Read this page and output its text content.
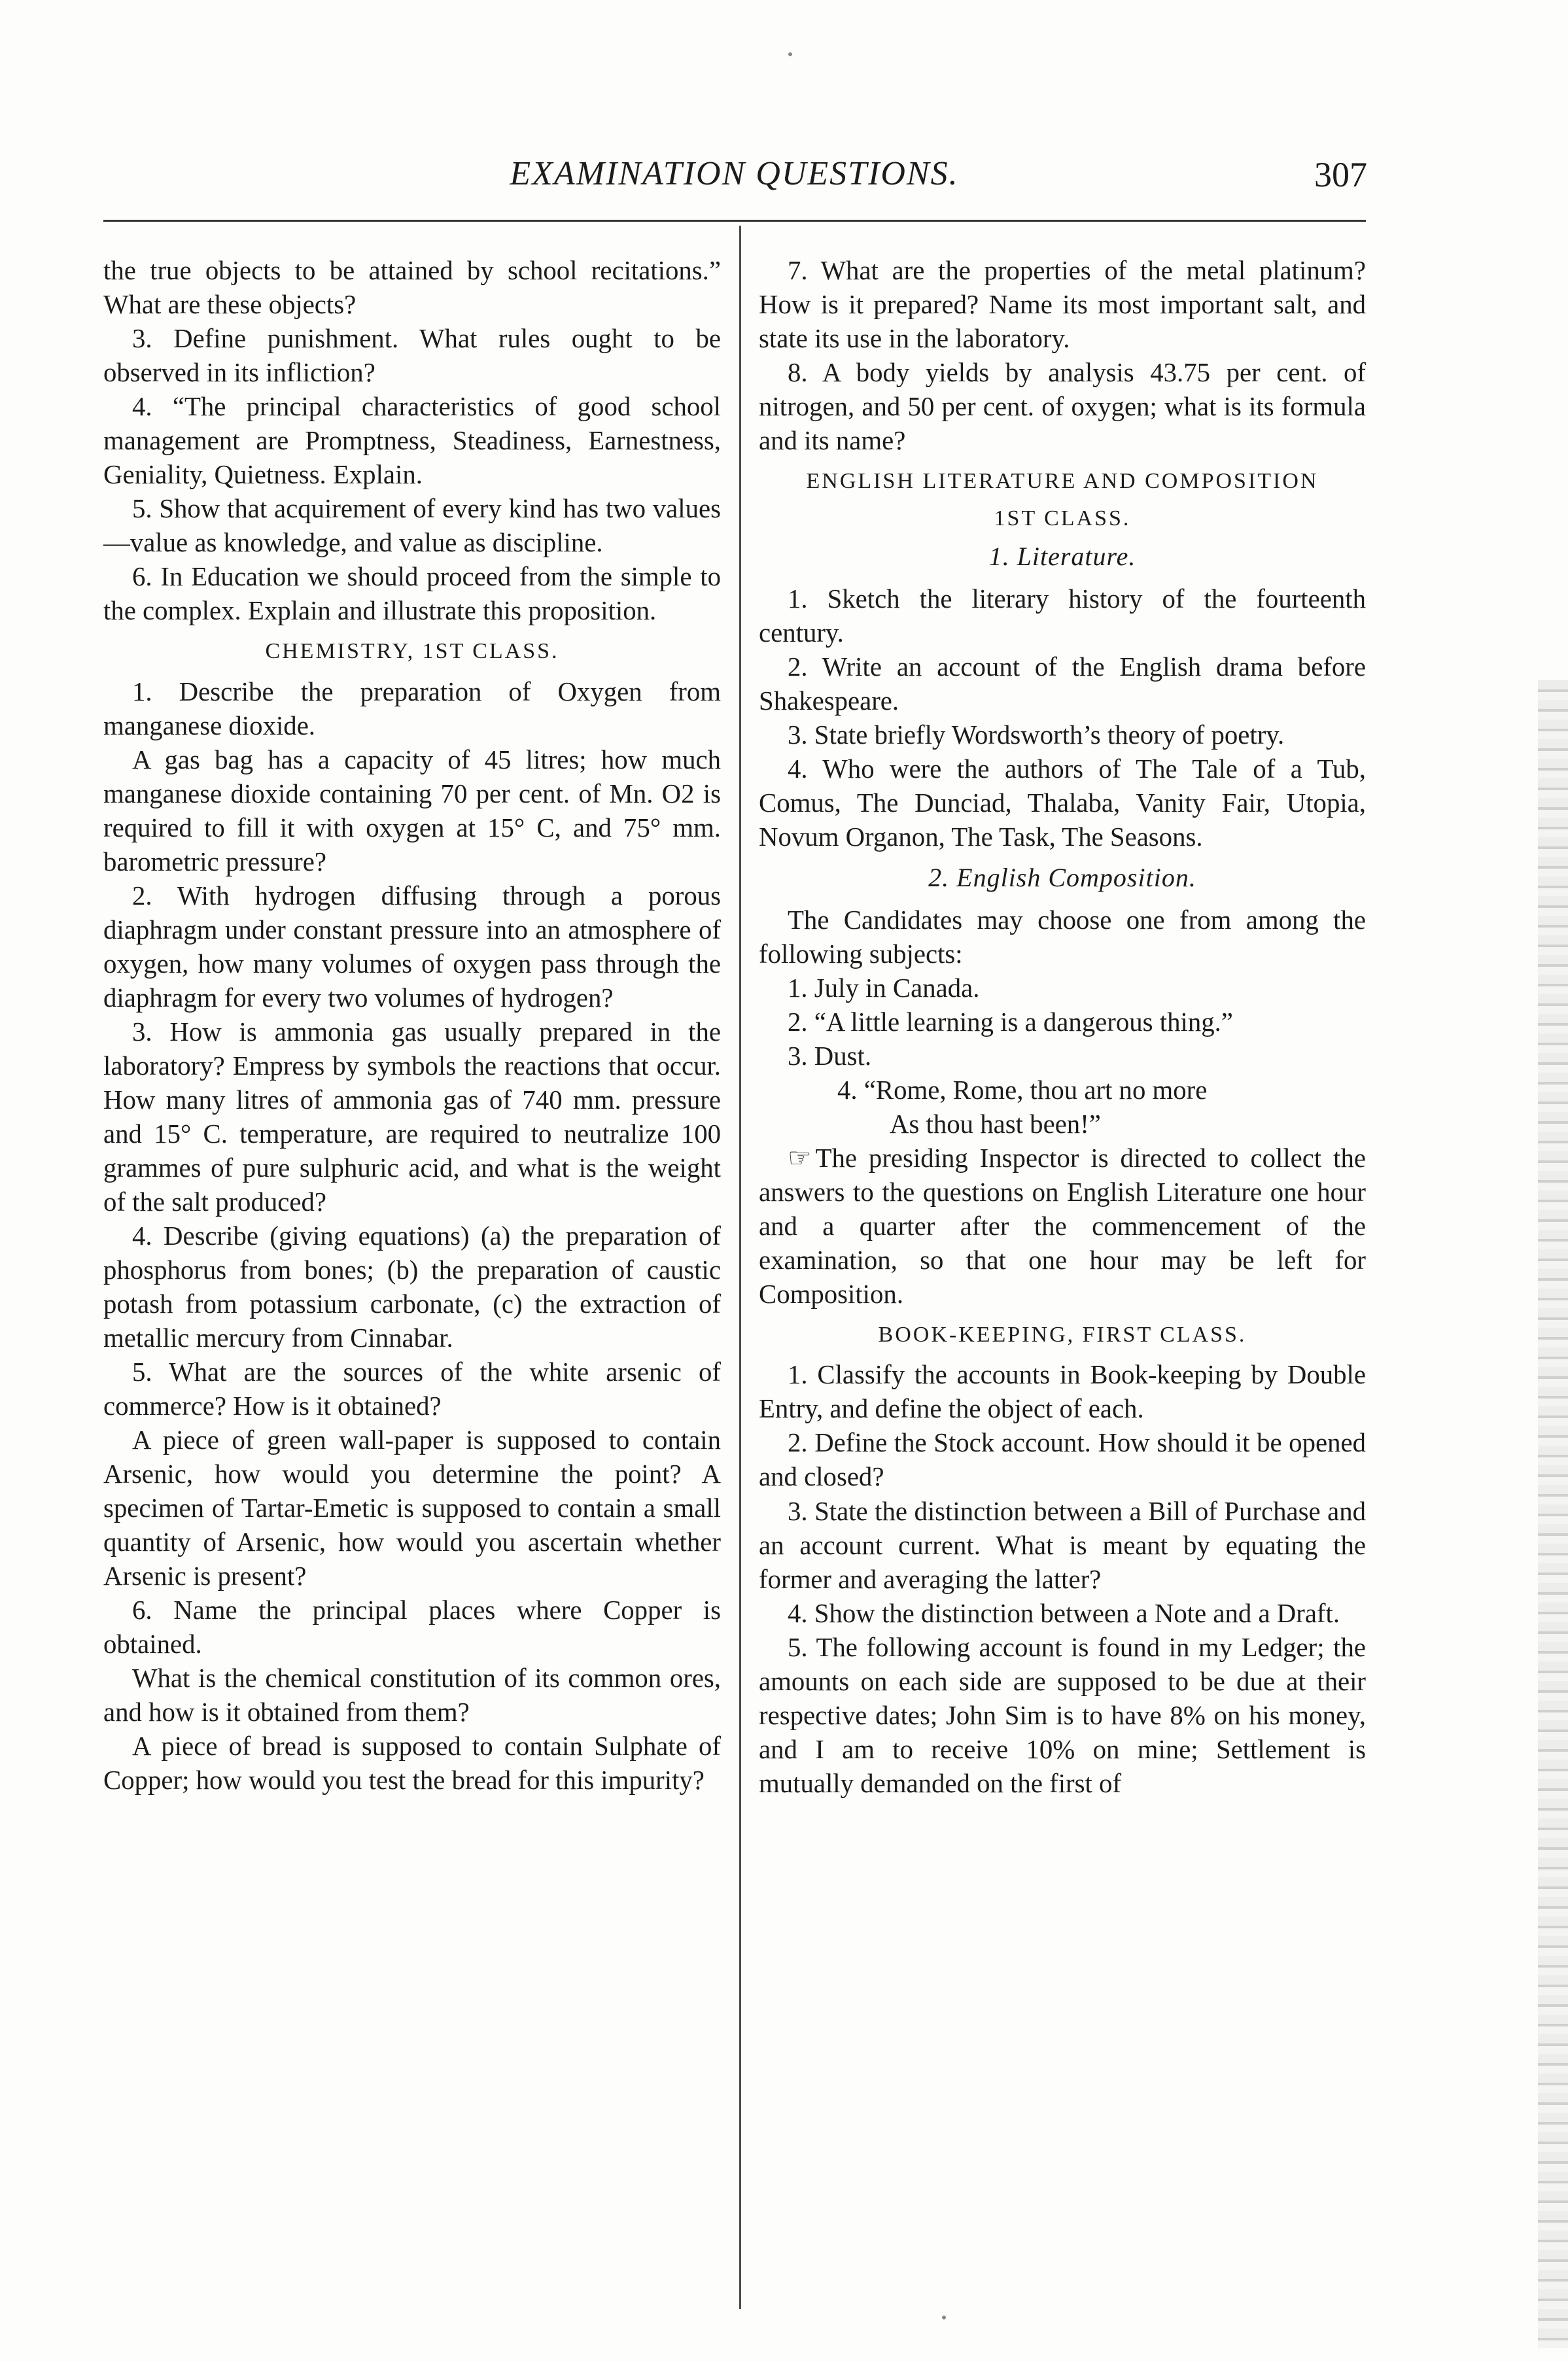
EXAMINATION QUESTIONS.	307

the true objects to be attained by school recitations.” What are these objects?

3. Define punishment. What rules ought to be observed in its infliction?

4. “The principal characteristics of good school management are Promptness, Steadiness, Earnestness, Geniality, Quietness. Explain.

5. Show that acquirement of every kind has two values—value as knowledge, and value as discipline.

6. In Education we should proceed from the simple to the complex. Explain and illustrate this proposition.

CHEMISTRY, 1ST CLASS.

1. Describe the preparation of Oxygen from manganese dioxide.

A gas bag has a capacity of 45 litres; how much manganese dioxide containing 70 per cent. of Mn. O2 is required to fill it with oxygen at 15° C, and 75° mm. barometric pressure?

2. With hydrogen diffusing through a porous diaphragm under constant pressure into an atmosphere of oxygen, how many volumes of oxygen pass through the diaphragm for every two volumes of hydrogen?

3. How is ammonia gas usually prepared in the laboratory? Empress by symbols the reactions that occur. How many litres of ammonia gas of 740 mm. pressure and 15° C. temperature, are required to neutralize 100 grammes of pure sulphuric acid, and what is the weight of the salt produced?

4. Describe (giving equations) (a) the preparation of phosphorus from bones; (b) the preparation of caustic potash from potassium carbonate, (c) the extraction of metallic mercury from Cinnabar.

5. What are the sources of the white arsenic of commerce? How is it obtained?

A piece of green wall-paper is supposed to contain Arsenic, how would you determine the point? A specimen of Tartar-Emetic is supposed to contain a small quantity of Arsenic, how would you ascertain whether Arsenic is present?

6. Name the principal places where Copper is obtained.

What is the chemical constitution of its common ores, and how is it obtained from them?

A piece of bread is supposed to contain Sulphate of Copper; how would you test the bread for this impurity?

7. What are the properties of the metal platinum? How is it prepared? Name its most important salt, and state its use in the laboratory.

8. A body yields by analysis 43.75 per cent. of nitrogen, and 50 per cent. of oxygen; what is its formula and its name?

ENGLISH LITERATURE AND COMPOSITION
1ST CLASS.
1. Literature.

1. Sketch the literary history of the fourteenth century.

2. Write an account of the English drama before Shakespeare.

3. State briefly Wordsworth’s theory of poetry.

4. Who were the authors of The Tale of a Tub, Comus, The Dunciad, Thalaba, Vanity Fair, Utopia, Novum Organon, The Task, The Seasons.

2. English Composition.

The Candidates may choose one from among the following subjects:

1. July in Canada.

2. “A little learning is a dangerous thing.”

3. Dust.

4. “Rome, Rome, thou art no more

As thou hast been!”

☞ The presiding Inspector is directed to collect the answers to the questions on English Literature one hour and a quarter after the commencement of the examination, so that one hour may be left for Composition.

BOOK-KEEPING, FIRST CLASS.

1. Classify the accounts in Book-keeping by Double Entry, and define the object of each.

2. Define the Stock account. How should it be opened and closed?

3. State the distinction between a Bill of Purchase and an account current. What is meant by equating the former and averaging the latter?

4. Show the distinction between a Note and a Draft.

5. The following account is found in my Ledger; the amounts on each side are supposed to be due at their respective dates; John Sim is to have 8% on his money, and I am to receive 10% on mine; Settlement is mutually demanded on the first of
